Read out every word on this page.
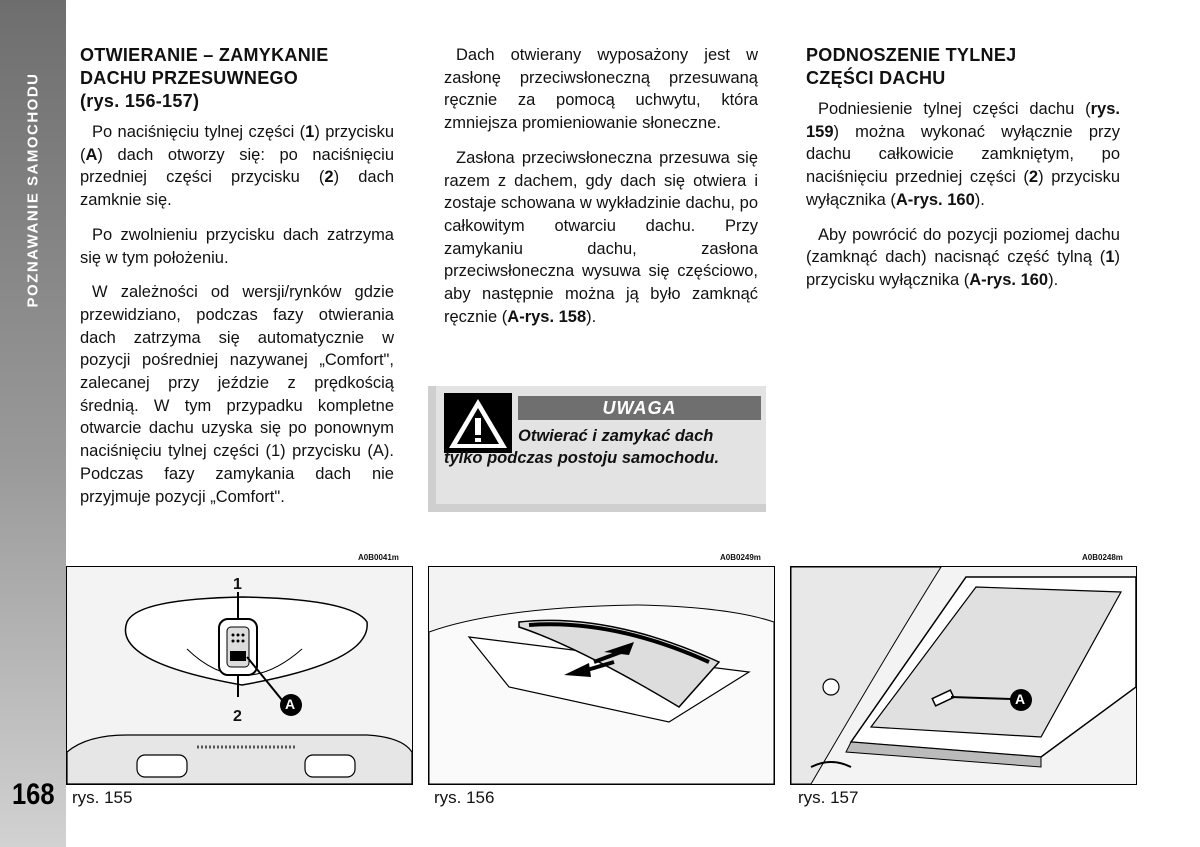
POZNAWANIE SAMOCHODU
168
OTWIERANIE – ZAMYKANIE
DACHU PRZESUWNEGO
(rys. 156-157)

Po naciśnięciu tylnej części (1) przycisku (A) dach otworzy się: po naciśnięciu przedniej części przycisku (2) dach zamknie się.

Po zwolnieniu przycisku dach zatrzyma się w tym położeniu.

W zależności od wersji/rynków gdzie przewidziano, podczas fazy otwierania dach zatrzyma się automatycznie w pozycji pośredniej nazywanej „Comfort", zalecanej przy jeździe z prędkością średnią. W tym przypadku kompletne otwarcie dachu uzyska się po ponownym naciśnięciu tylnej części (1) przycisku (A). Podczas fazy zamykania dach nie przyjmuje pozycji „Comfort".

Dach otwierany wyposażony jest w zasłonę przeciwsłoneczną przesuwaną ręcznie za pomocą uchwytu, która zmniejsza promieniowanie słoneczne.

Zasłona przeciwsłoneczna przesuwa się razem z dachem, gdy dach się otwiera i zostaje schowana w wykładzinie dachu, po całkowitym otwarciu dachu. Przy zamykaniu dachu, zasłona przeciwsłoneczna wysuwa się częściowo, aby następnie można ją było zamknąć ręcznie (A-rys. 158).

UWAGA
Otwierać i zamykać dach
tylko podczas postoju samochodu.
PODNOSZENIE TYLNEJ
CZĘŚCI DACHU

Podniesienie tylnej części dachu (rys. 159) można wykonać wyłącznie przy dachu całkowicie zamkniętym, po naciśnięciu przedniej części (2) przycisku wyłącznika (A-rys. 160).

Aby powrócić do pozycji poziomej dachu (zamknąć dach) nacisnąć część tylną (1) przycisku wyłącznika (A-rys. 160).

A0B0041m
1
2
A
rys. 155
A0B0249m
rys. 156
A0B0248m
A
rys. 157
